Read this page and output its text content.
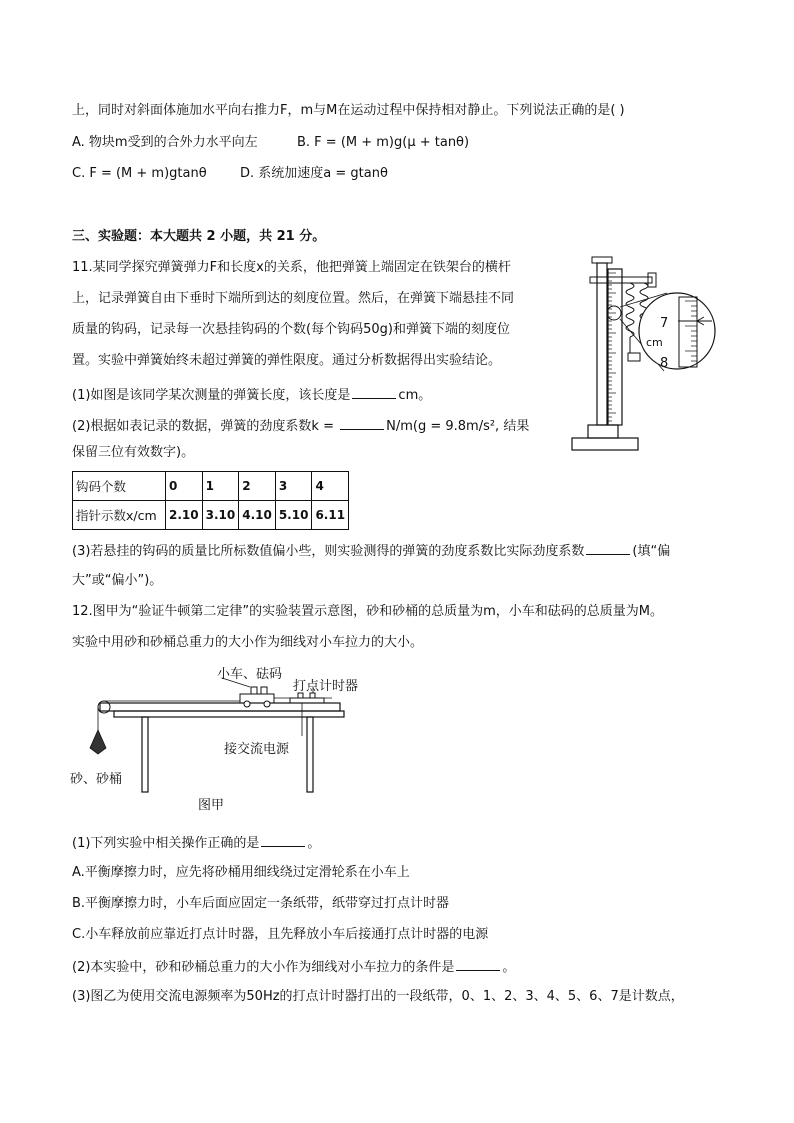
上，同时对斜面体施加水平向右推力F，m与M在运动过程中保持相对静止。下列说法正确的是( )
A. 物块m受到的合外力水平向左	B. F = (M + m)g(μ + tanθ)
C. F = (M + m)gtanθ	D. 系统加速度a = gtanθ
三、实验题：本大题共 2 小题，共 21 分。
11.某同学探究弹簧弹力F和长度x的关系，他把弹簧上端固定在铁架台的横杆
上，记录弹簧自由下垂时下端所到达的刻度位置。然后，在弹簧下端悬挂不同
质量的钩码，记录每一次悬挂钩码的个数(每个钩码50g)和弹簧下端的刻度位
置。实验中弹簧始终未超过弹簧的弹性限度。通过分析数据得出实验结论。
(1)如图是该同学某次测量的弹簧长度，该长度是	cm。
(2)根据如表记录的数据，弹簧的劲度系数k =	N/m(g = 9.8m/s², 结果
保留三位有效数字)。
钩码个数	0	1	2	3	4
指针示数x/cm	2.10	3.10	4.10	5.10	6.11
(3)若悬挂的钩码的质量比所标数值偏小些，则实验测得的弹簧的劲度系数比实际劲度系数	(填“偏
大”或“偏小”)。
7
cm
8
12.图甲为“验证牛顿第二定律”的实验装置示意图，砂和砂桶的总质量为m，小车和砝码的总质量为M。
实验中用砂和砂桶总重力的大小作为细线对小车拉力的大小。
小车、砝码
打点计时器
接交流电源
砂、砂桶
图甲
(1)下列实验中相关操作正确的是	。
A.平衡摩擦力时，应先将砂桶用细线绕过定滑轮系在小车上
B.平衡摩擦力时，小车后面应固定一条纸带，纸带穿过打点计时器
C.小车释放前应靠近打点计时器，且先释放小车后接通打点计时器的电源
(2)本实验中，砂和砂桶总重力的大小作为细线对小车拉力的条件是	。
(3)图乙为使用交流电源频率为50Hz的打点计时器打出的一段纸带，0、1、2、3、4、5、6、7是计数点，
